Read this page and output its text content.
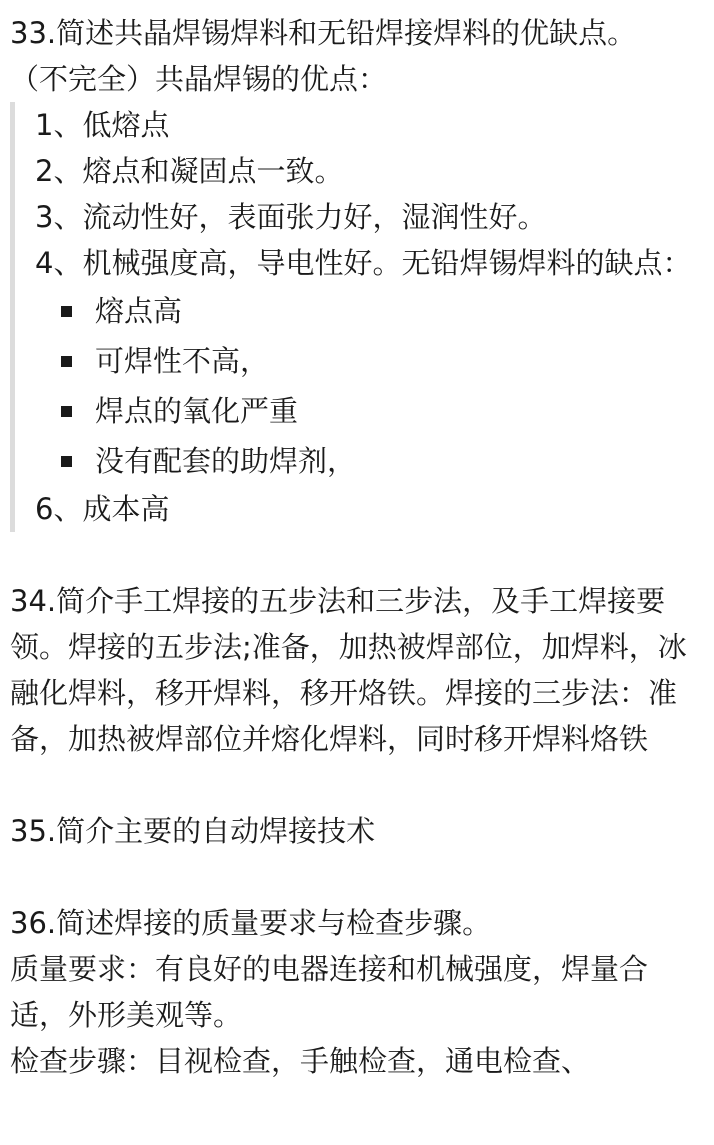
33.简述共晶焊锡焊料和无铅焊接焊料的优缺点。

（不完全）共晶焊锡的优点：

1、低熔点

2、熔点和凝固点一致。

3、流动性好，表面张力好，湿润性好。

4、机械强度高，导电性好。无铅焊锡焊料的缺点：

熔点高
可焊性不高，
焊点的氧化严重
没有配套的助焊剂，

6、成本高

34.简介手工焊接的五步法和三步法，及手工焊接要领。焊接的五步法;准备，加热被焊部位，加焊料，冰融化焊料，移开焊料，移开烙铁。焊接的三步法：准备，加热被焊部位并熔化焊料，同时移开焊料烙铁

35.简介主要的自动焊接技术

36.简述焊接的质量要求与检查步骤。

质量要求：有良好的电器连接和机械强度，焊量合适，外形美观等。

检查步骤：目视检查，手触检查，通电检查、
